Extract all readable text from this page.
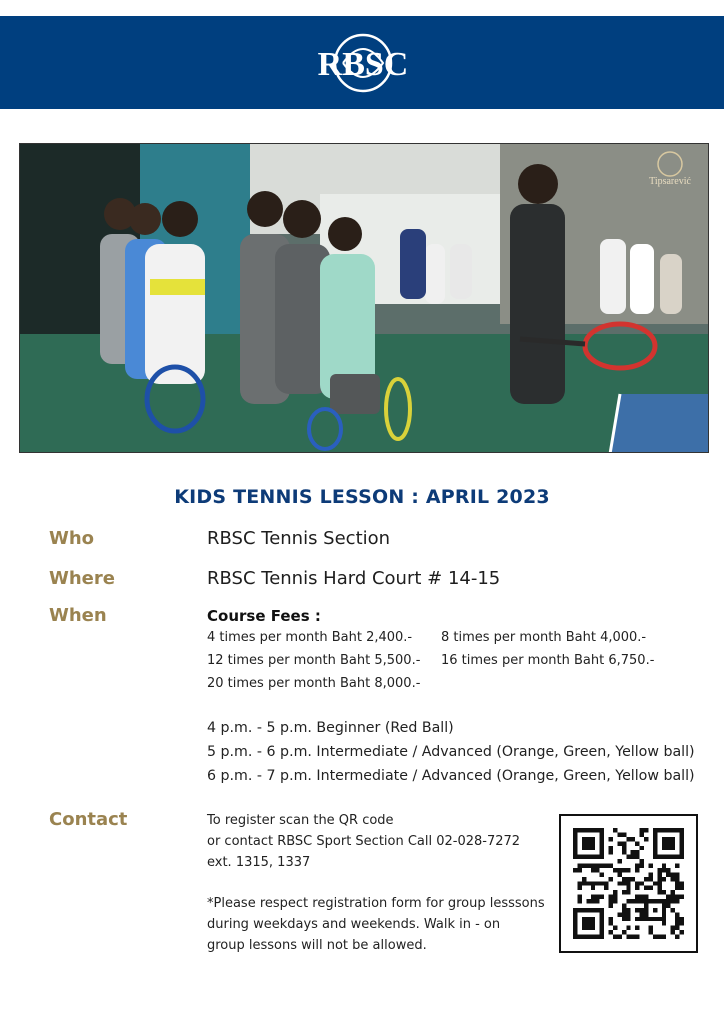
RBSC
Tipsarević
KIDS TENNIS LESSON : APRIL 2023
Who	RBSC Tennis Section
Where	RBSC Tennis Hard Court # 14-15
When	Course Fees :
4 times per month Baht 2,400.- 8 times per month Baht 4,000.-
12 times per month Baht 5,500.- 16 times per month Baht 6,750.-
20 times per month Baht 8,000.-
4 p.m. - 5 p.m. Beginner (Red Ball)
5 p.m. - 6 p.m. Intermediate / Advanced (Orange, Green, Yellow ball)
6 p.m. - 7 p.m. Intermediate / Advanced (Orange, Green, Yellow ball)
Contact	To register scan the QR code
or contact RBSC Sport Section Call 02-028-7272
ext. 1315, 1337
*Please respect registration form for group lesssons
during weekdays and weekends. Walk in - on
group lessons will not be allowed.
